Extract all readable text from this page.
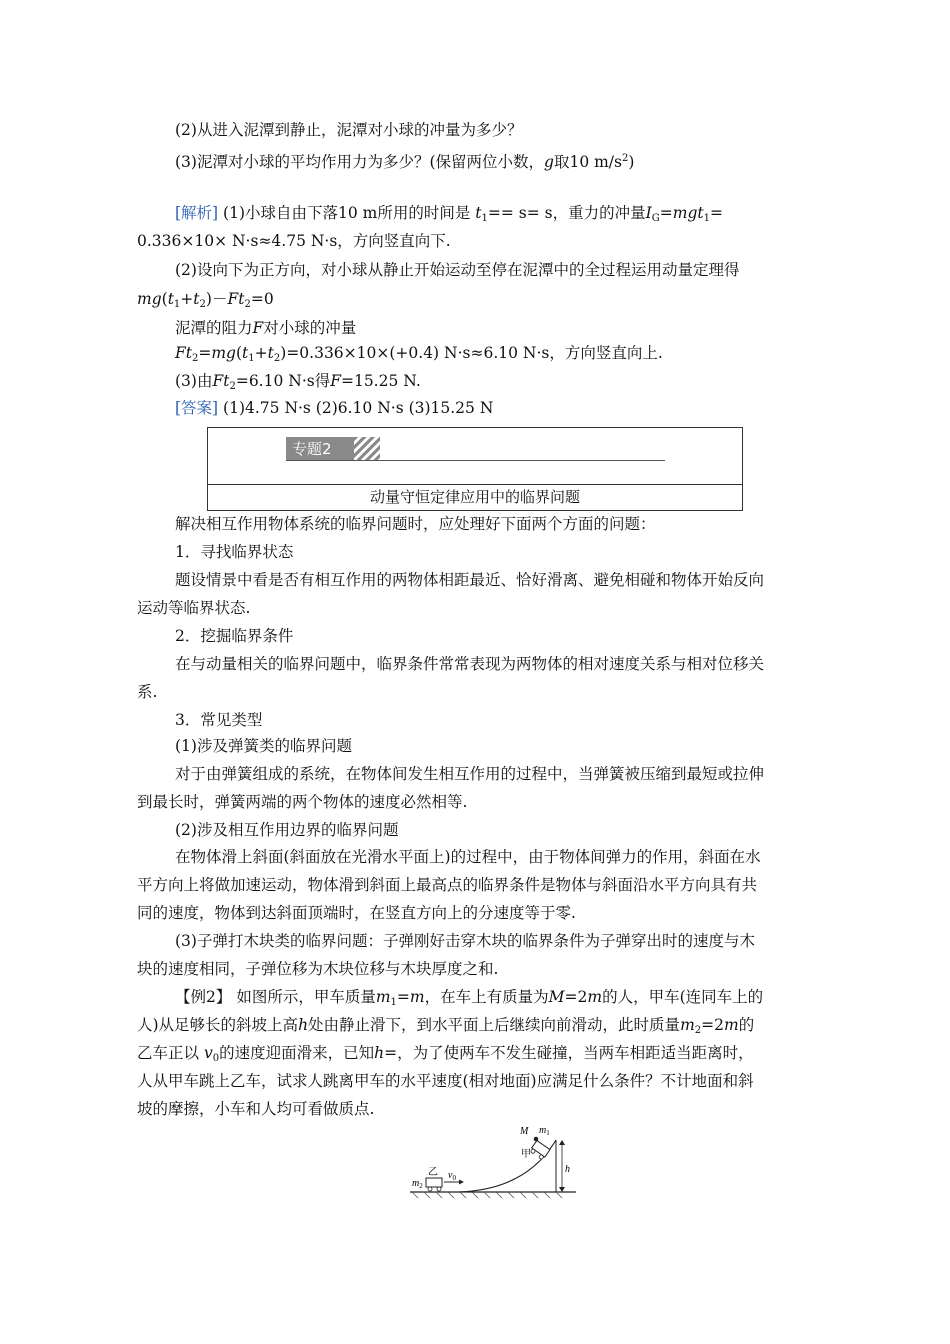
(2)从进入泥潭到静止，泥潭对小球的冲量为多少？
(3)泥潭对小球的平均作用力为多少？(保留两位小数，g取10 $m/s^2$)
[解析] (1)小球自由下落10 m所用的时间是 $t_1== s= s$，重力的冲量$I_G=mgt_1=$
0.336×10× N·s≈4.75 N·s，方向竖直向下.
(2)设向下为正方向，对小球从静止开始运动至停在泥潭中的全过程运用动量定理得
$mg(t_1+t_2)-Ft_2=0$
泥潭的阻力F对小球的冲量
$Ft_2=mg(t_1+t_2)=0.336\times 10\times(+0.4)$ N·s≈6.10 N·s，方向竖直向上.
(3)由$Ft_2=6.10$ N·s得F=15.25 N.
[答案] (1)4.75 N·s (2)6.10 N·s (3)15.25 N
专题2
动量守恒定律应用中的临界问题
解决相互作用物体系统的临界问题时，应处理好下面两个方面的问题：
1．寻找临界状态
题设情景中看是否有相互作用的两物体相距最近、恰好滑离、避免相碰和物体开始反向
运动等临界状态.
2．挖掘临界条件
在与动量相关的临界问题中，临界条件常常表现为两物体的相对速度关系与相对位移关
系.
3．常见类型
(1)涉及弹簧类的临界问题
对于由弹簧组成的系统，在物体间发生相互作用的过程中，当弹簧被压缩到最短或拉伸
到最长时，弹簧两端的两个物体的速度必然相等.
(2)涉及相互作用边界的临界问题
在物体滑上斜面(斜面放在光滑水平面上)的过程中，由于物体间弹力的作用，斜面在水
平方向上将做加速运动，物体滑到斜面上最高点的临界条件是物体与斜面沿水平方向具有共
同的速度，物体到达斜面顶端时，在竖直方向上的分速度等于零.
(3)子弹打木块类的临界问题：子弹刚好击穿木块的临界条件为子弹穿出时的速度与木
块的速度相同，子弹位移为木块位移与木块厚度之和.
【例2】 如图所示，甲车质量$m_1=m$，在车上有质量为M=2m的人，甲车(连同车上的
人)从足够长的斜坡上高h处由静止滑下，到水平面上后继续向前滑动，此时质量$m_2=2m$的
乙车正以 $v_0$的速度迎面滑来，已知h=，为了使两车不发生碰撞，当两车相距适当距离时，
人从甲车跳上乙车，试求人跳离甲车的水平速度(相对地面)应满足什么条件？不计地面和斜
坡的摩擦，小车和人均可看做质点.
h
M $m_1$
甲
乙 $v_0$
$m_2$
